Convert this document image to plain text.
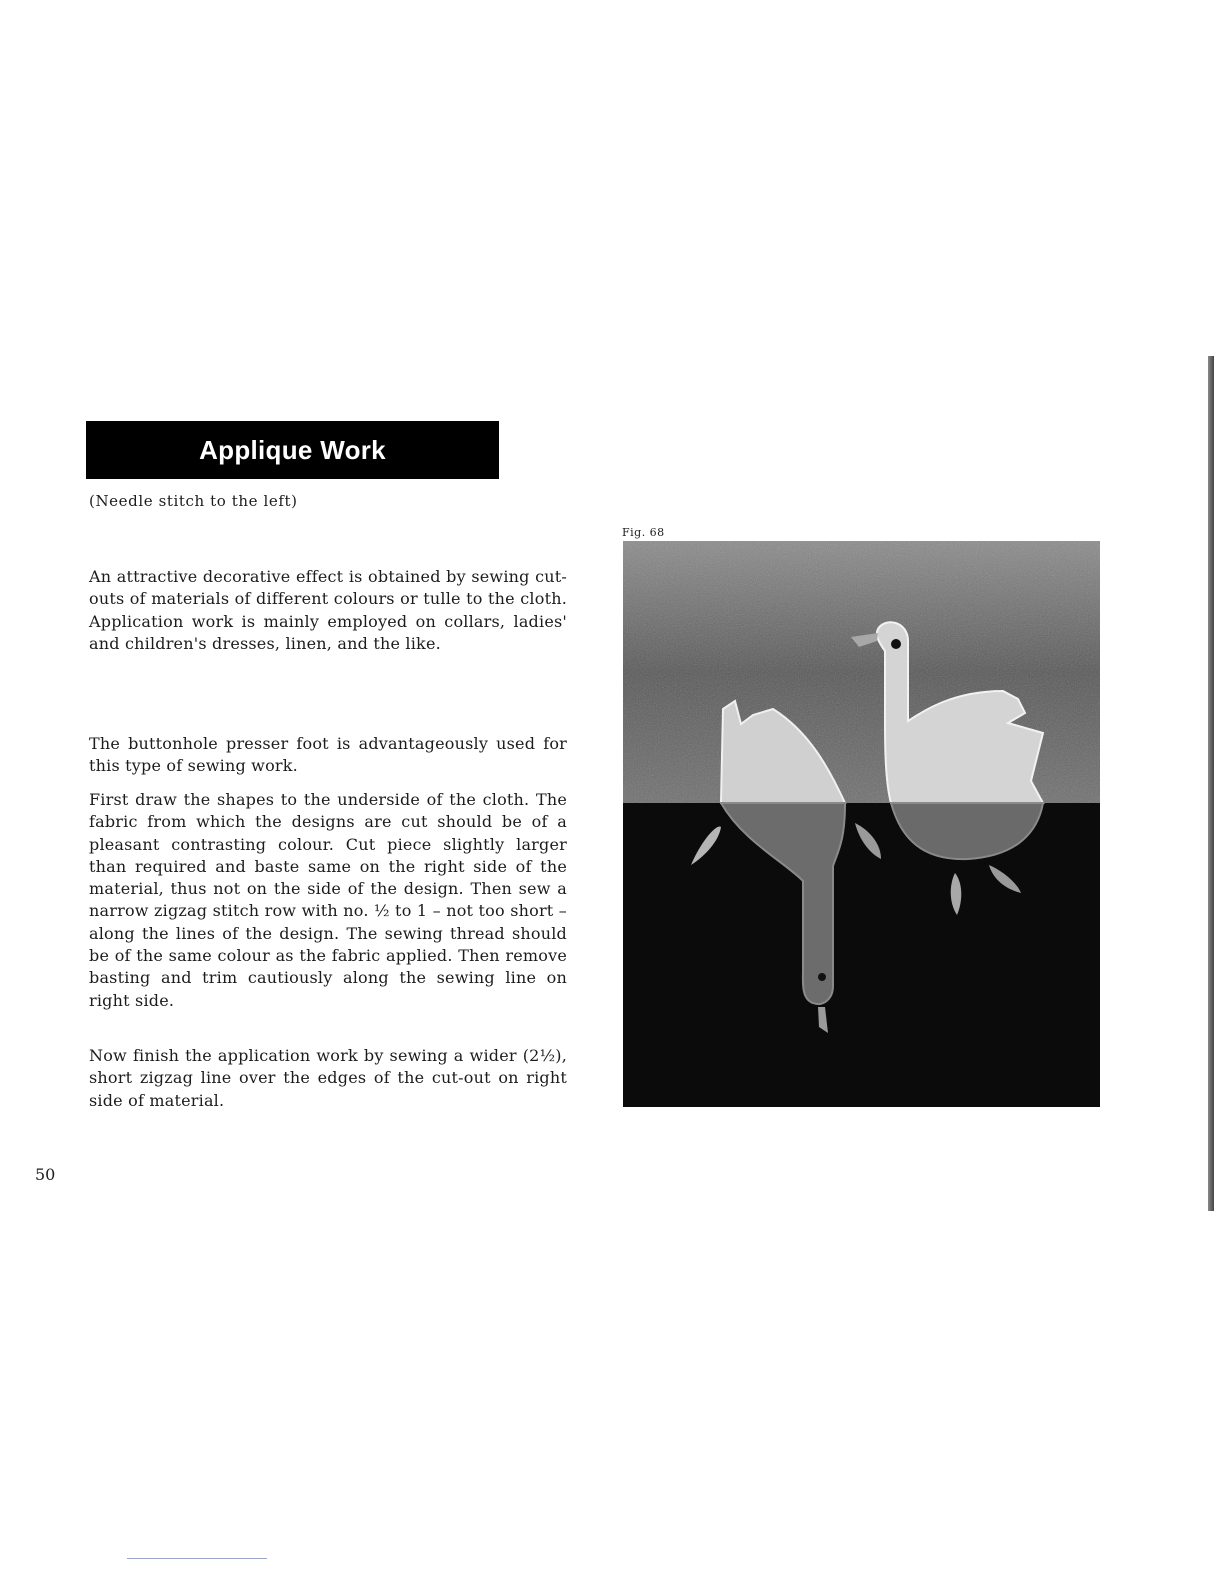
Applique Work
(Needle stitch to the left)

An attractive decorative effect is obtained by sewing cut-outs of materials of different colours or tulle to the cloth. Application work is mainly employed on collars, ladies' and children's dresses, linen, and the like.

The buttonhole presser foot is advantageously used for this type of sewing work.

First draw the shapes to the underside of the cloth. The fabric from which the designs are cut should be of a pleasant contrasting colour. Cut piece slightly larger than required and baste same on the right side of the material, thus not on the side of the design. Then sew a narrow zigzag stitch row with no. ½ to 1 – not too short – along the lines of the design. The sewing thread should be of the same colour as the fabric applied. Then remove basting and trim cautiously along the sewing line on right side.

Now finish the application work by sewing a wider (2½), short zigzag line over the edges of the cut-out on right side of material.

50
Fig. 68
